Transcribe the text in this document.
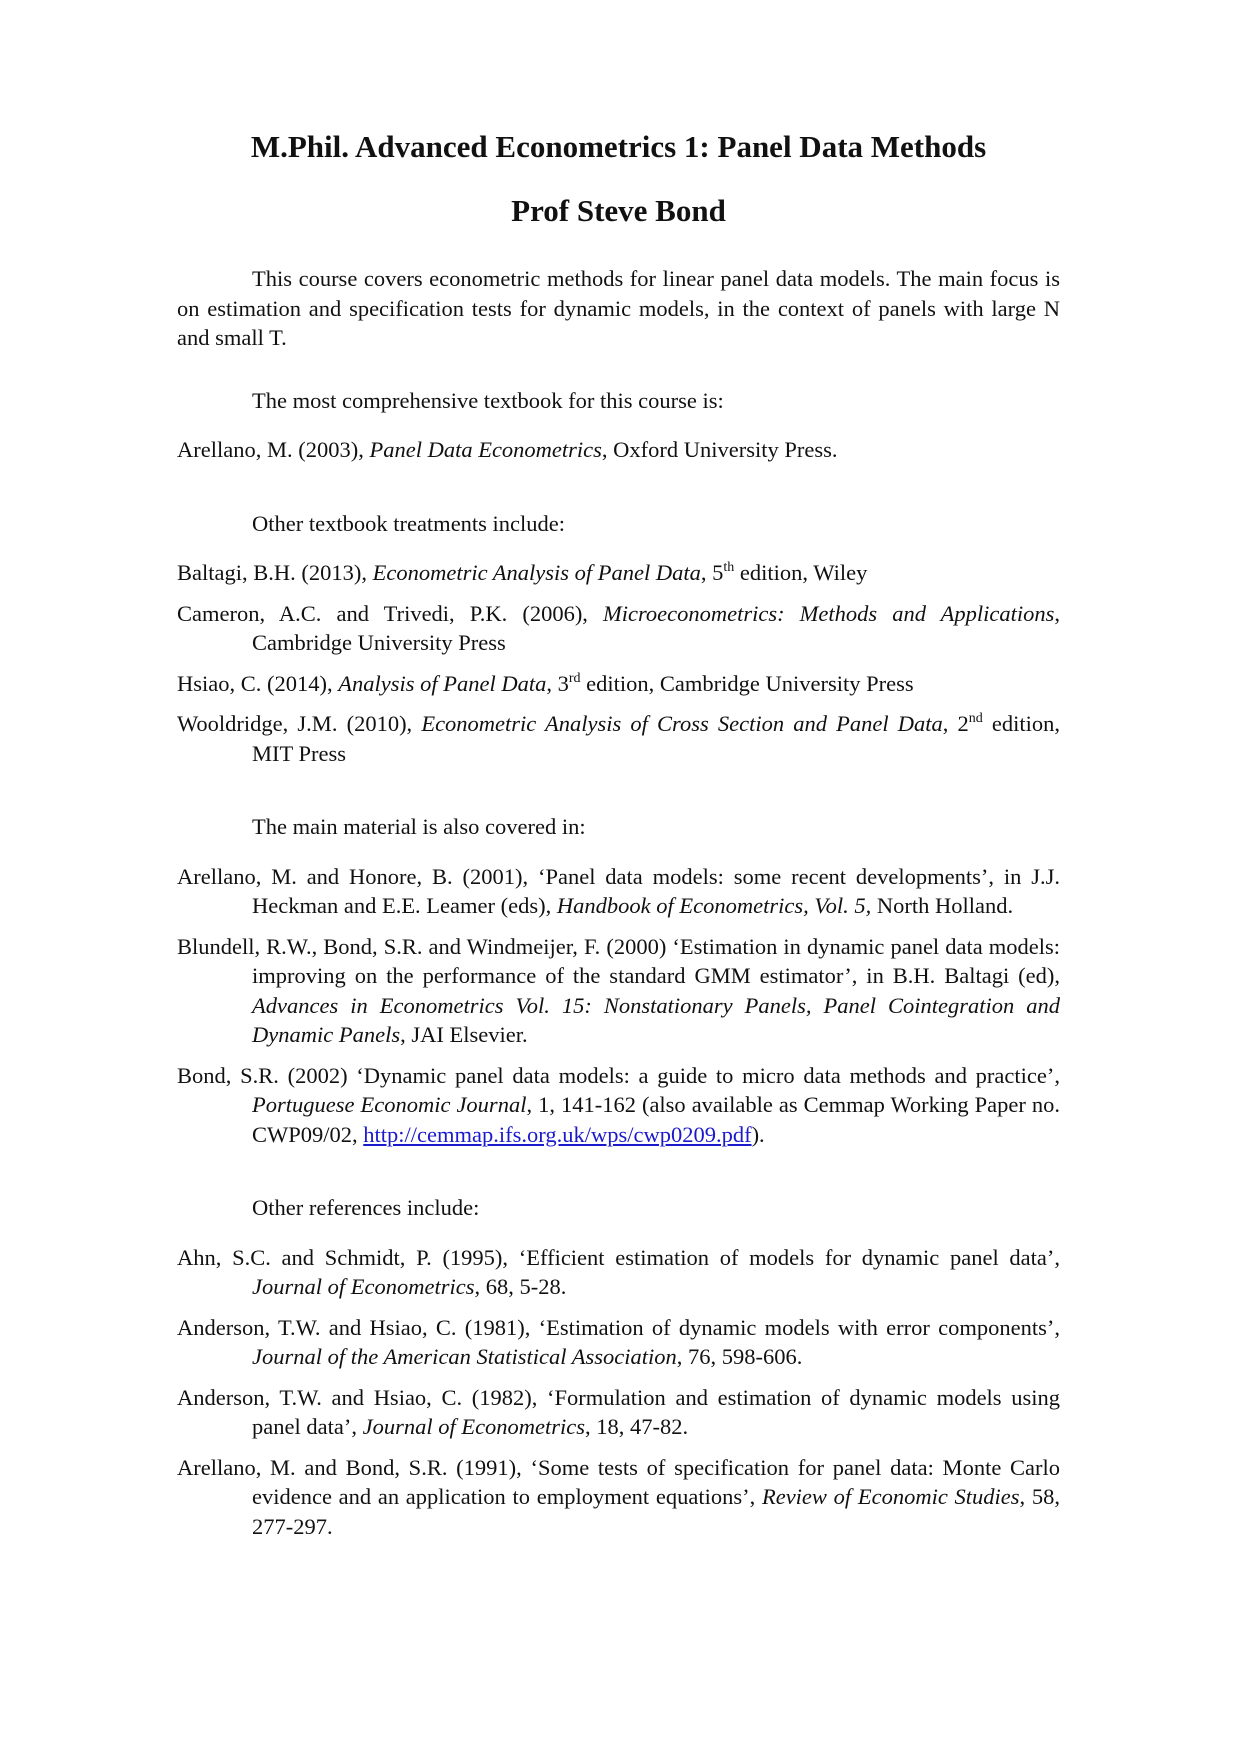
M.Phil. Advanced Econometrics 1: Panel Data Methods
Prof Steve Bond

This course covers econometric methods for linear panel data models. The main focus is on estimation and specification tests for dynamic models, in the context of panels with large N and small T.

The most comprehensive textbook for this course is:

Arellano, M. (2003), Panel Data Econometrics, Oxford University Press.

Other textbook treatments include:

Baltagi, B.H. (2013), Econometric Analysis of Panel Data, 5th edition, Wiley
Cameron, A.C. and Trivedi, P.K. (2006), Microeconometrics: Methods and Applications, Cambridge University Press
Hsiao, C. (2014), Analysis of Panel Data, 3rd edition, Cambridge University Press
Wooldridge, J.M. (2010), Econometric Analysis of Cross Section and Panel Data, 2nd edition, MIT Press

The main material is also covered in:

Arellano, M. and Honore, B. (2001), ‘Panel data models: some recent developments’, in J.J. Heckman and E.E. Leamer (eds), Handbook of Econometrics, Vol. 5, North Holland.
Blundell, R.W., Bond, S.R. and Windmeijer, F. (2000) ‘Estimation in dynamic panel data models: improving on the performance of the standard GMM estimator’, in B.H. Baltagi (ed), Advances in Econometrics Vol. 15: Nonstationary Panels, Panel Cointegration and Dynamic Panels, JAI Elsevier.
Bond, S.R. (2002) ‘Dynamic panel data models: a guide to micro data methods and practice’, Portuguese Economic Journal, 1, 141-162 (also available as Cemmap Working Paper no. CWP09/02, http://cemmap.ifs.org.uk/wps/cwp0209.pdf).

Other references include:

Ahn, S.C. and Schmidt, P. (1995), ‘Efficient estimation of models for dynamic panel data’, Journal of Econometrics, 68, 5-28.
Anderson, T.W. and Hsiao, C. (1981), ‘Estimation of dynamic models with error components’, Journal of the American Statistical Association, 76, 598-606.
Anderson, T.W. and Hsiao, C. (1982), ‘Formulation and estimation of dynamic models using panel data’, Journal of Econometrics, 18, 47-82.
Arellano, M. and Bond, S.R. (1991), ‘Some tests of specification for panel data: Monte Carlo evidence and an application to employment equations’, Review of Economic Studies, 58, 277-297.
